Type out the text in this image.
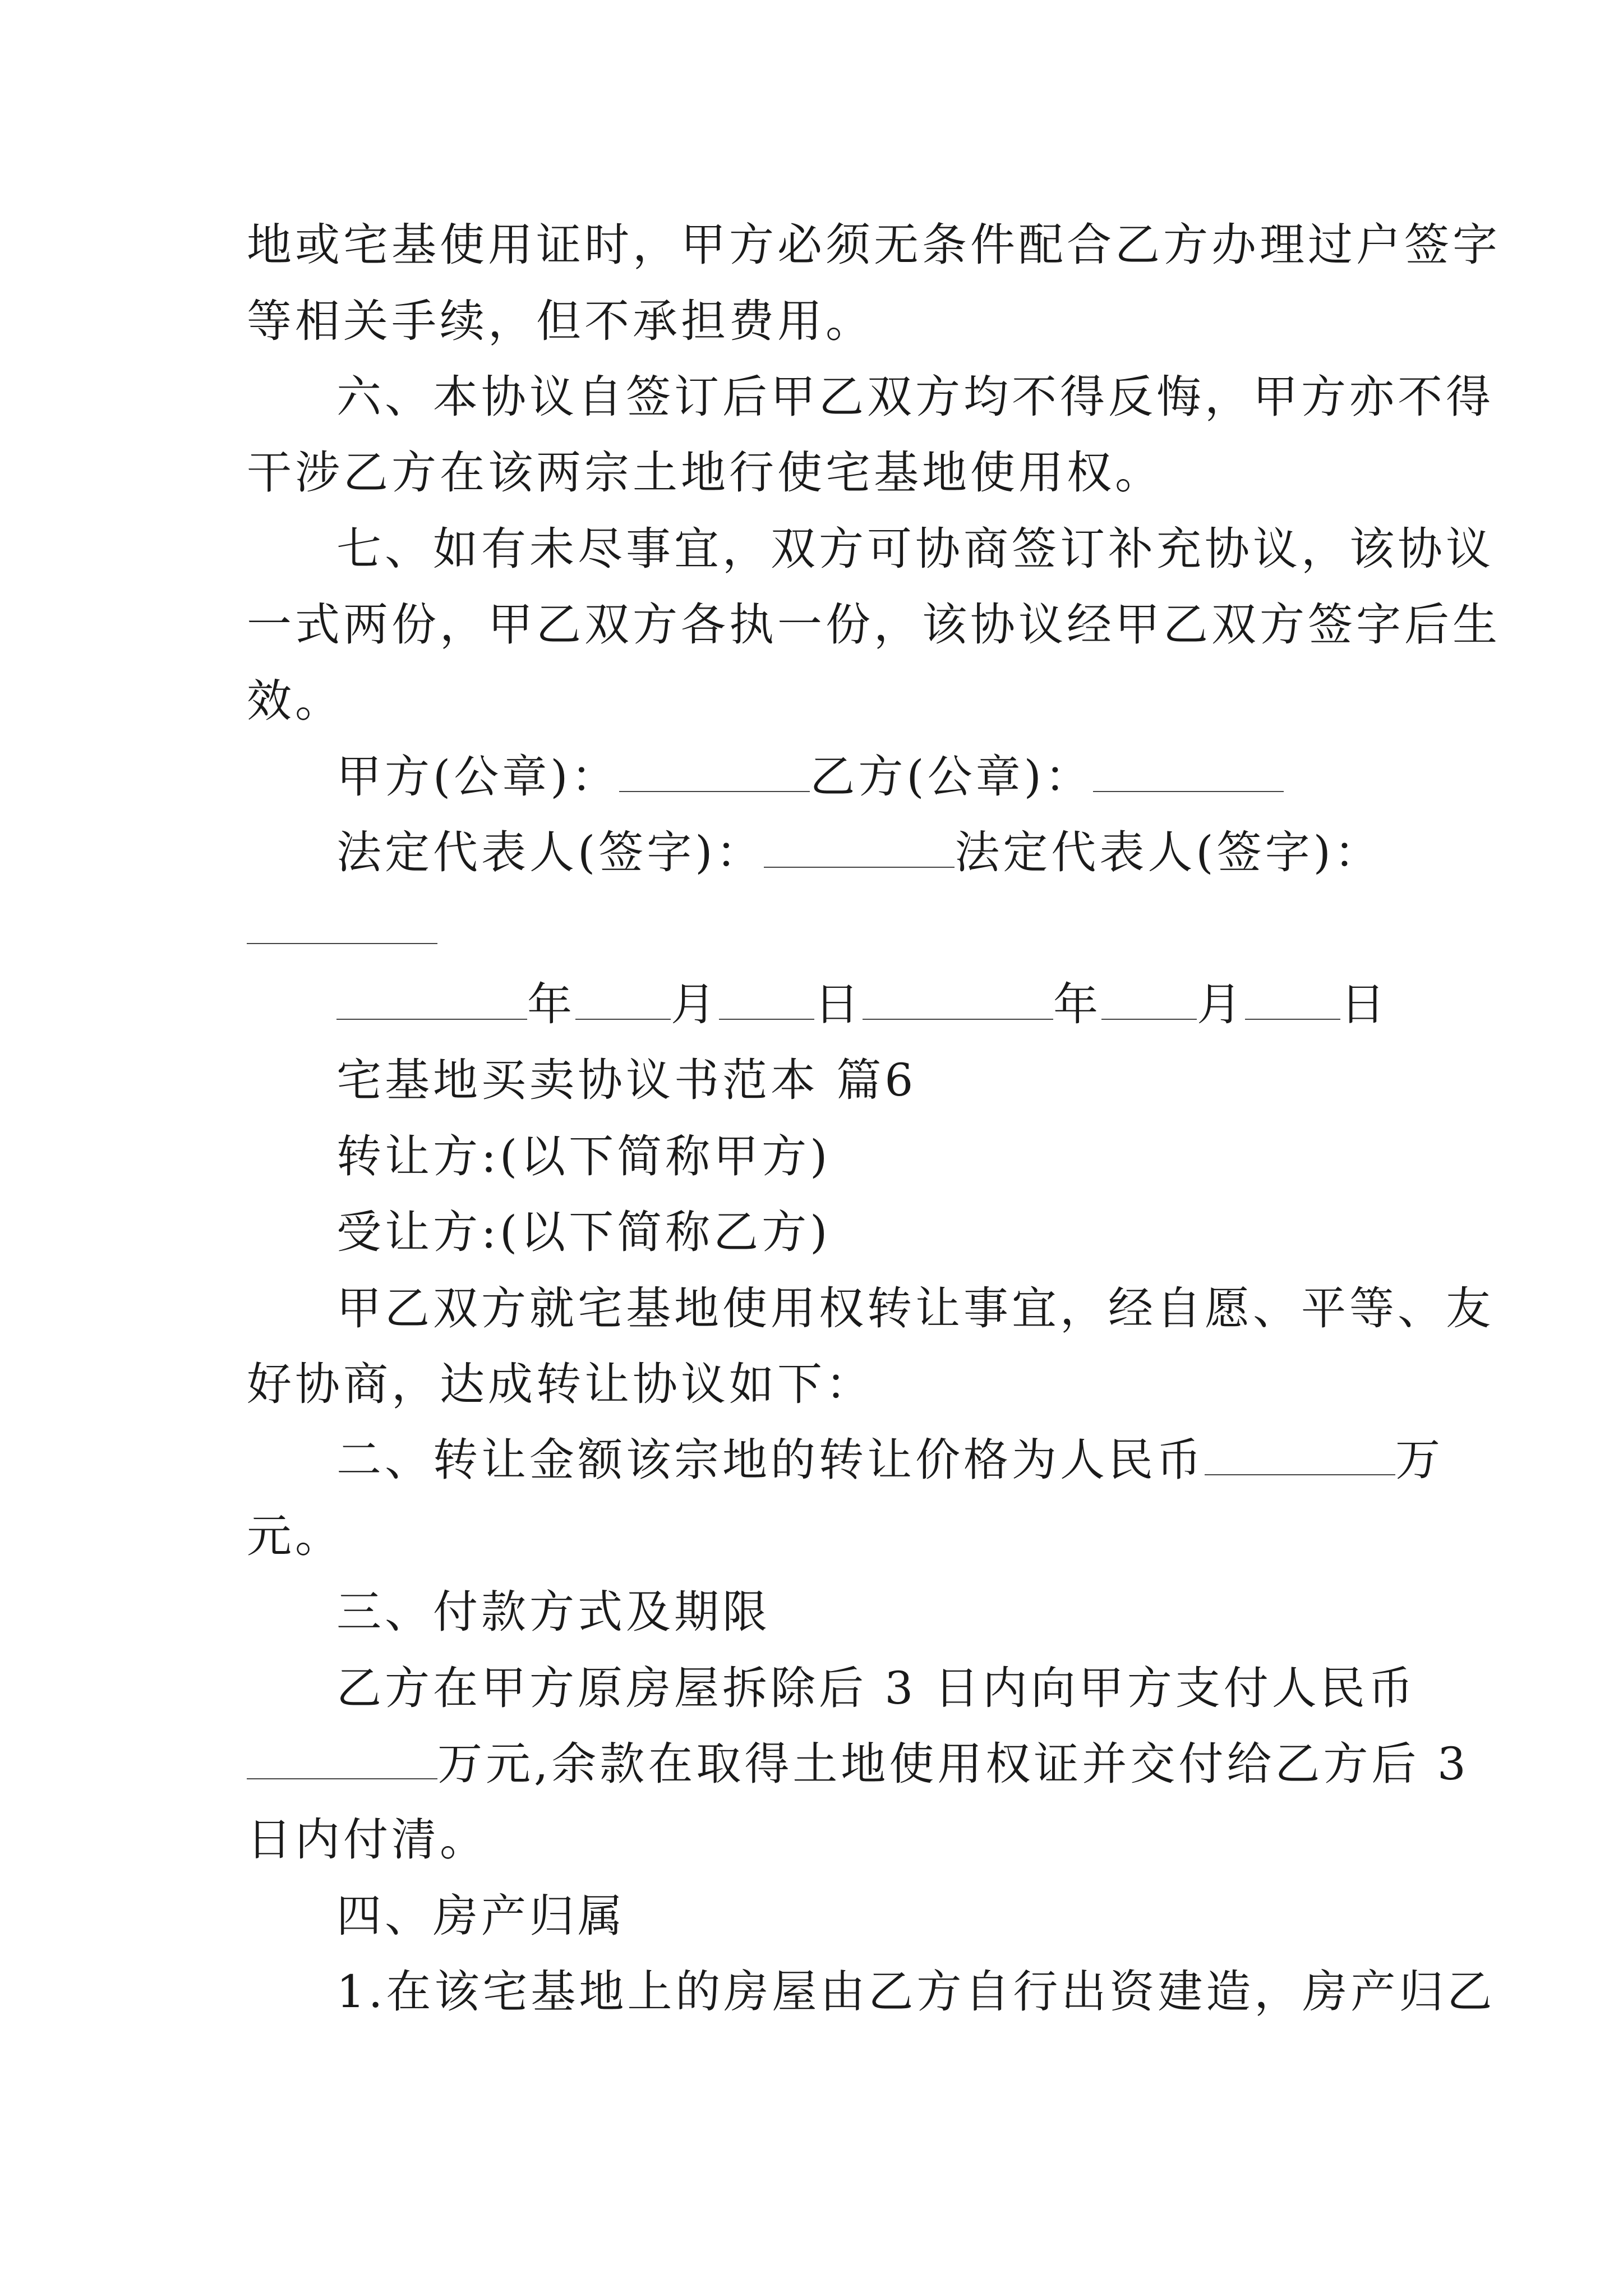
地或宅基使用证时，甲方必须无条件配合乙方办理过户签字
等相关手续，但不承担费用。
六、本协议自签订后甲乙双方均不得反悔，甲方亦不得
干涉乙方在该两宗土地行使宅基地使用权。
七、如有未尽事宜，双方可协商签订补充协议，该协议
一式两份，甲乙双方各执一份，该协议经甲乙双方签字后生
效。
甲方(公章)：	乙方(公章)：
法定代表人(签字)：	法定代表人(签字)：
年 月 日	年 月 日
宅基地买卖协议书范本 篇6
转让方:(以下简称甲方)
受让方:(以下简称乙方)
甲乙双方就宅基地使用权转让事宜，经自愿、平等、友
好协商，达成转让协议如下：
二、转让金额该宗地的转让价格为人民币	万
元。
三、付款方式及期限
乙方在甲方原房屋拆除后 3 日内向甲方支付人民币
万元,余款在取得土地使用权证并交付给乙方后 3
日内付清。
四、房产归属
1.在该宅基地上的房屋由乙方自行出资建造，房产归乙
